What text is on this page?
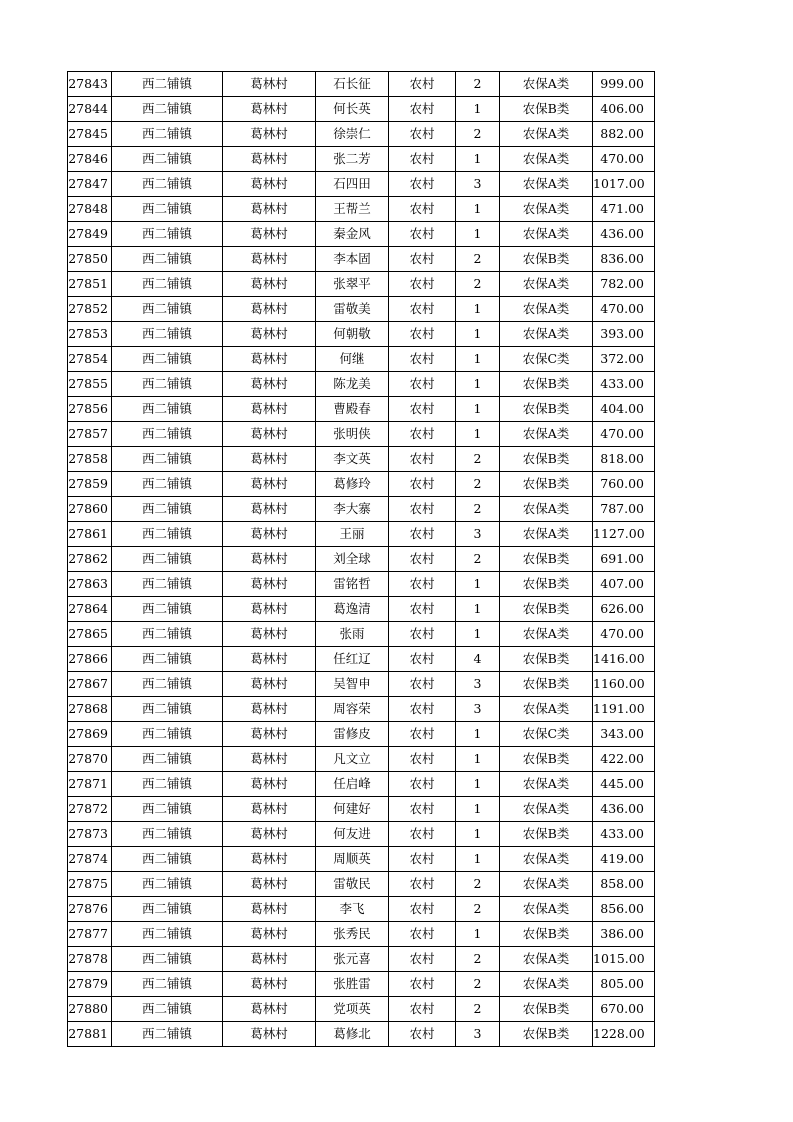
27843	西二铺镇	葛林村	石长征	农村	2	农保A类	999.00
27844	西二铺镇	葛林村	何长英	农村	1	农保B类	406.00
27845	西二铺镇	葛林村	徐崇仁	农村	2	农保A类	882.00
27846	西二铺镇	葛林村	张二芳	农村	1	农保A类	470.00
27847	西二铺镇	葛林村	石四田	农村	3	农保A类	1017.00
27848	西二铺镇	葛林村	王帮兰	农村	1	农保A类	471.00
27849	西二铺镇	葛林村	秦金风	农村	1	农保A类	436.00
27850	西二铺镇	葛林村	李本固	农村	2	农保B类	836.00
27851	西二铺镇	葛林村	张翠平	农村	2	农保A类	782.00
27852	西二铺镇	葛林村	雷敬美	农村	1	农保A类	470.00
27853	西二铺镇	葛林村	何朝敬	农村	1	农保A类	393.00
27854	西二铺镇	葛林村	何继	农村	1	农保C类	372.00
27855	西二铺镇	葛林村	陈龙美	农村	1	农保B类	433.00
27856	西二铺镇	葛林村	曹殿春	农村	1	农保B类	404.00
27857	西二铺镇	葛林村	张明侠	农村	1	农保A类	470.00
27858	西二铺镇	葛林村	李文英	农村	2	农保B类	818.00
27859	西二铺镇	葛林村	葛修玲	农村	2	农保B类	760.00
27860	西二铺镇	葛林村	李大寨	农村	2	农保A类	787.00
27861	西二铺镇	葛林村	王丽	农村	3	农保A类	1127.00
27862	西二铺镇	葛林村	刘全球	农村	2	农保B类	691.00
27863	西二铺镇	葛林村	雷铭哲	农村	1	农保B类	407.00
27864	西二铺镇	葛林村	葛逸清	农村	1	农保B类	626.00
27865	西二铺镇	葛林村	张雨	农村	1	农保A类	470.00
27866	西二铺镇	葛林村	任红辽	农村	4	农保B类	1416.00
27867	西二铺镇	葛林村	吴智申	农村	3	农保B类	1160.00
27868	西二铺镇	葛林村	周容荣	农村	3	农保A类	1191.00
27869	西二铺镇	葛林村	雷修皮	农村	1	农保C类	343.00
27870	西二铺镇	葛林村	凡文立	农村	1	农保B类	422.00
27871	西二铺镇	葛林村	任启峰	农村	1	农保A类	445.00
27872	西二铺镇	葛林村	何建好	农村	1	农保A类	436.00
27873	西二铺镇	葛林村	何友进	农村	1	农保B类	433.00
27874	西二铺镇	葛林村	周顺英	农村	1	农保A类	419.00
27875	西二铺镇	葛林村	雷敬民	农村	2	农保A类	858.00
27876	西二铺镇	葛林村	李飞	农村	2	农保A类	856.00
27877	西二铺镇	葛林村	张秀民	农村	1	农保B类	386.00
27878	西二铺镇	葛林村	张元喜	农村	2	农保A类	1015.00
27879	西二铺镇	葛林村	张胜雷	农村	2	农保A类	805.00
27880	西二铺镇	葛林村	党项英	农村	2	农保B类	670.00
27881	西二铺镇	葛林村	葛修北	农村	3	农保B类	1228.00
